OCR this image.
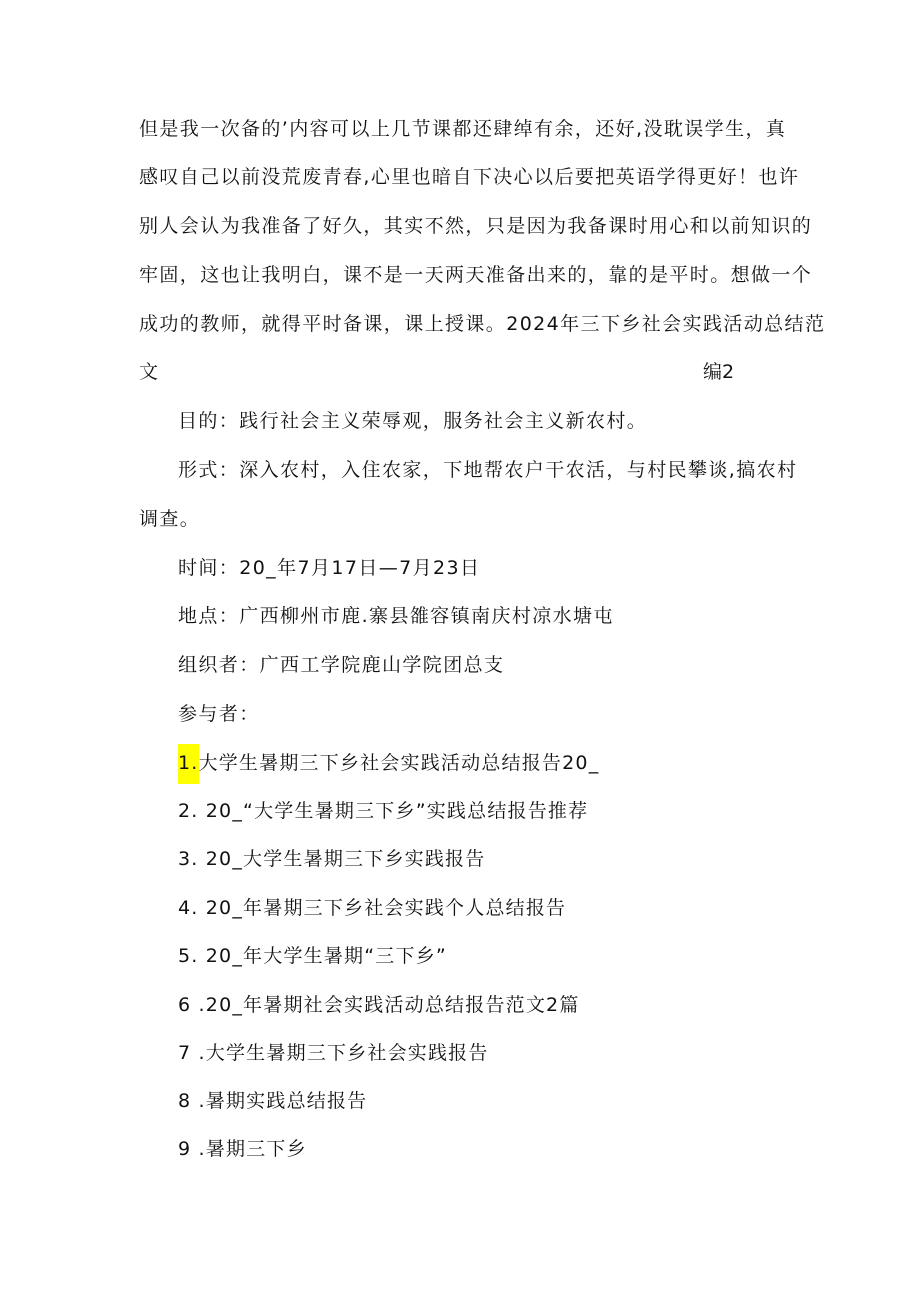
但是我一次备的’内容可以上几节课都还肆绰有余，还好,没耽误学生，真
感叹自己以前没荒废青春,心里也暗自下决心以后要把英语学得更好！也许
别人会认为我准备了好久，其实不然，只是因为我备课时用心和以前知识的
牢固，这也让我明白，课不是一天两天准备出来的，靠的是平时。想做一个
成功的教师，就得平时备课，课上授课。2024年三下乡社会实践活动总结范
文	编2
目的：践行社会主义荣辱观，服务社会主义新农村。
形式：深入农村，入住农家，下地帮农户干农活，与村民攀谈,搞农村
调查。
时间：20_年7月17日—7月23日
地点：广西柳州市鹿.寨县雒容镇南庆村凉水塘屯
组织者：广西工学院鹿山学院团总支
参与者：
1.大学生暑期三下乡社会实践活动总结报告20_
2. 20_“大学生暑期三下乡”实践总结报告推荐
3. 20_大学生暑期三下乡实践报告
4. 20_年暑期三下乡社会实践个人总结报告
5. 20_年大学生暑期“三下乡”
6 .20_年暑期社会实践活动总结报告范文2篇
7 .大学生暑期三下乡社会实践报告
8 .暑期实践总结报告
9 .暑期三下乡
